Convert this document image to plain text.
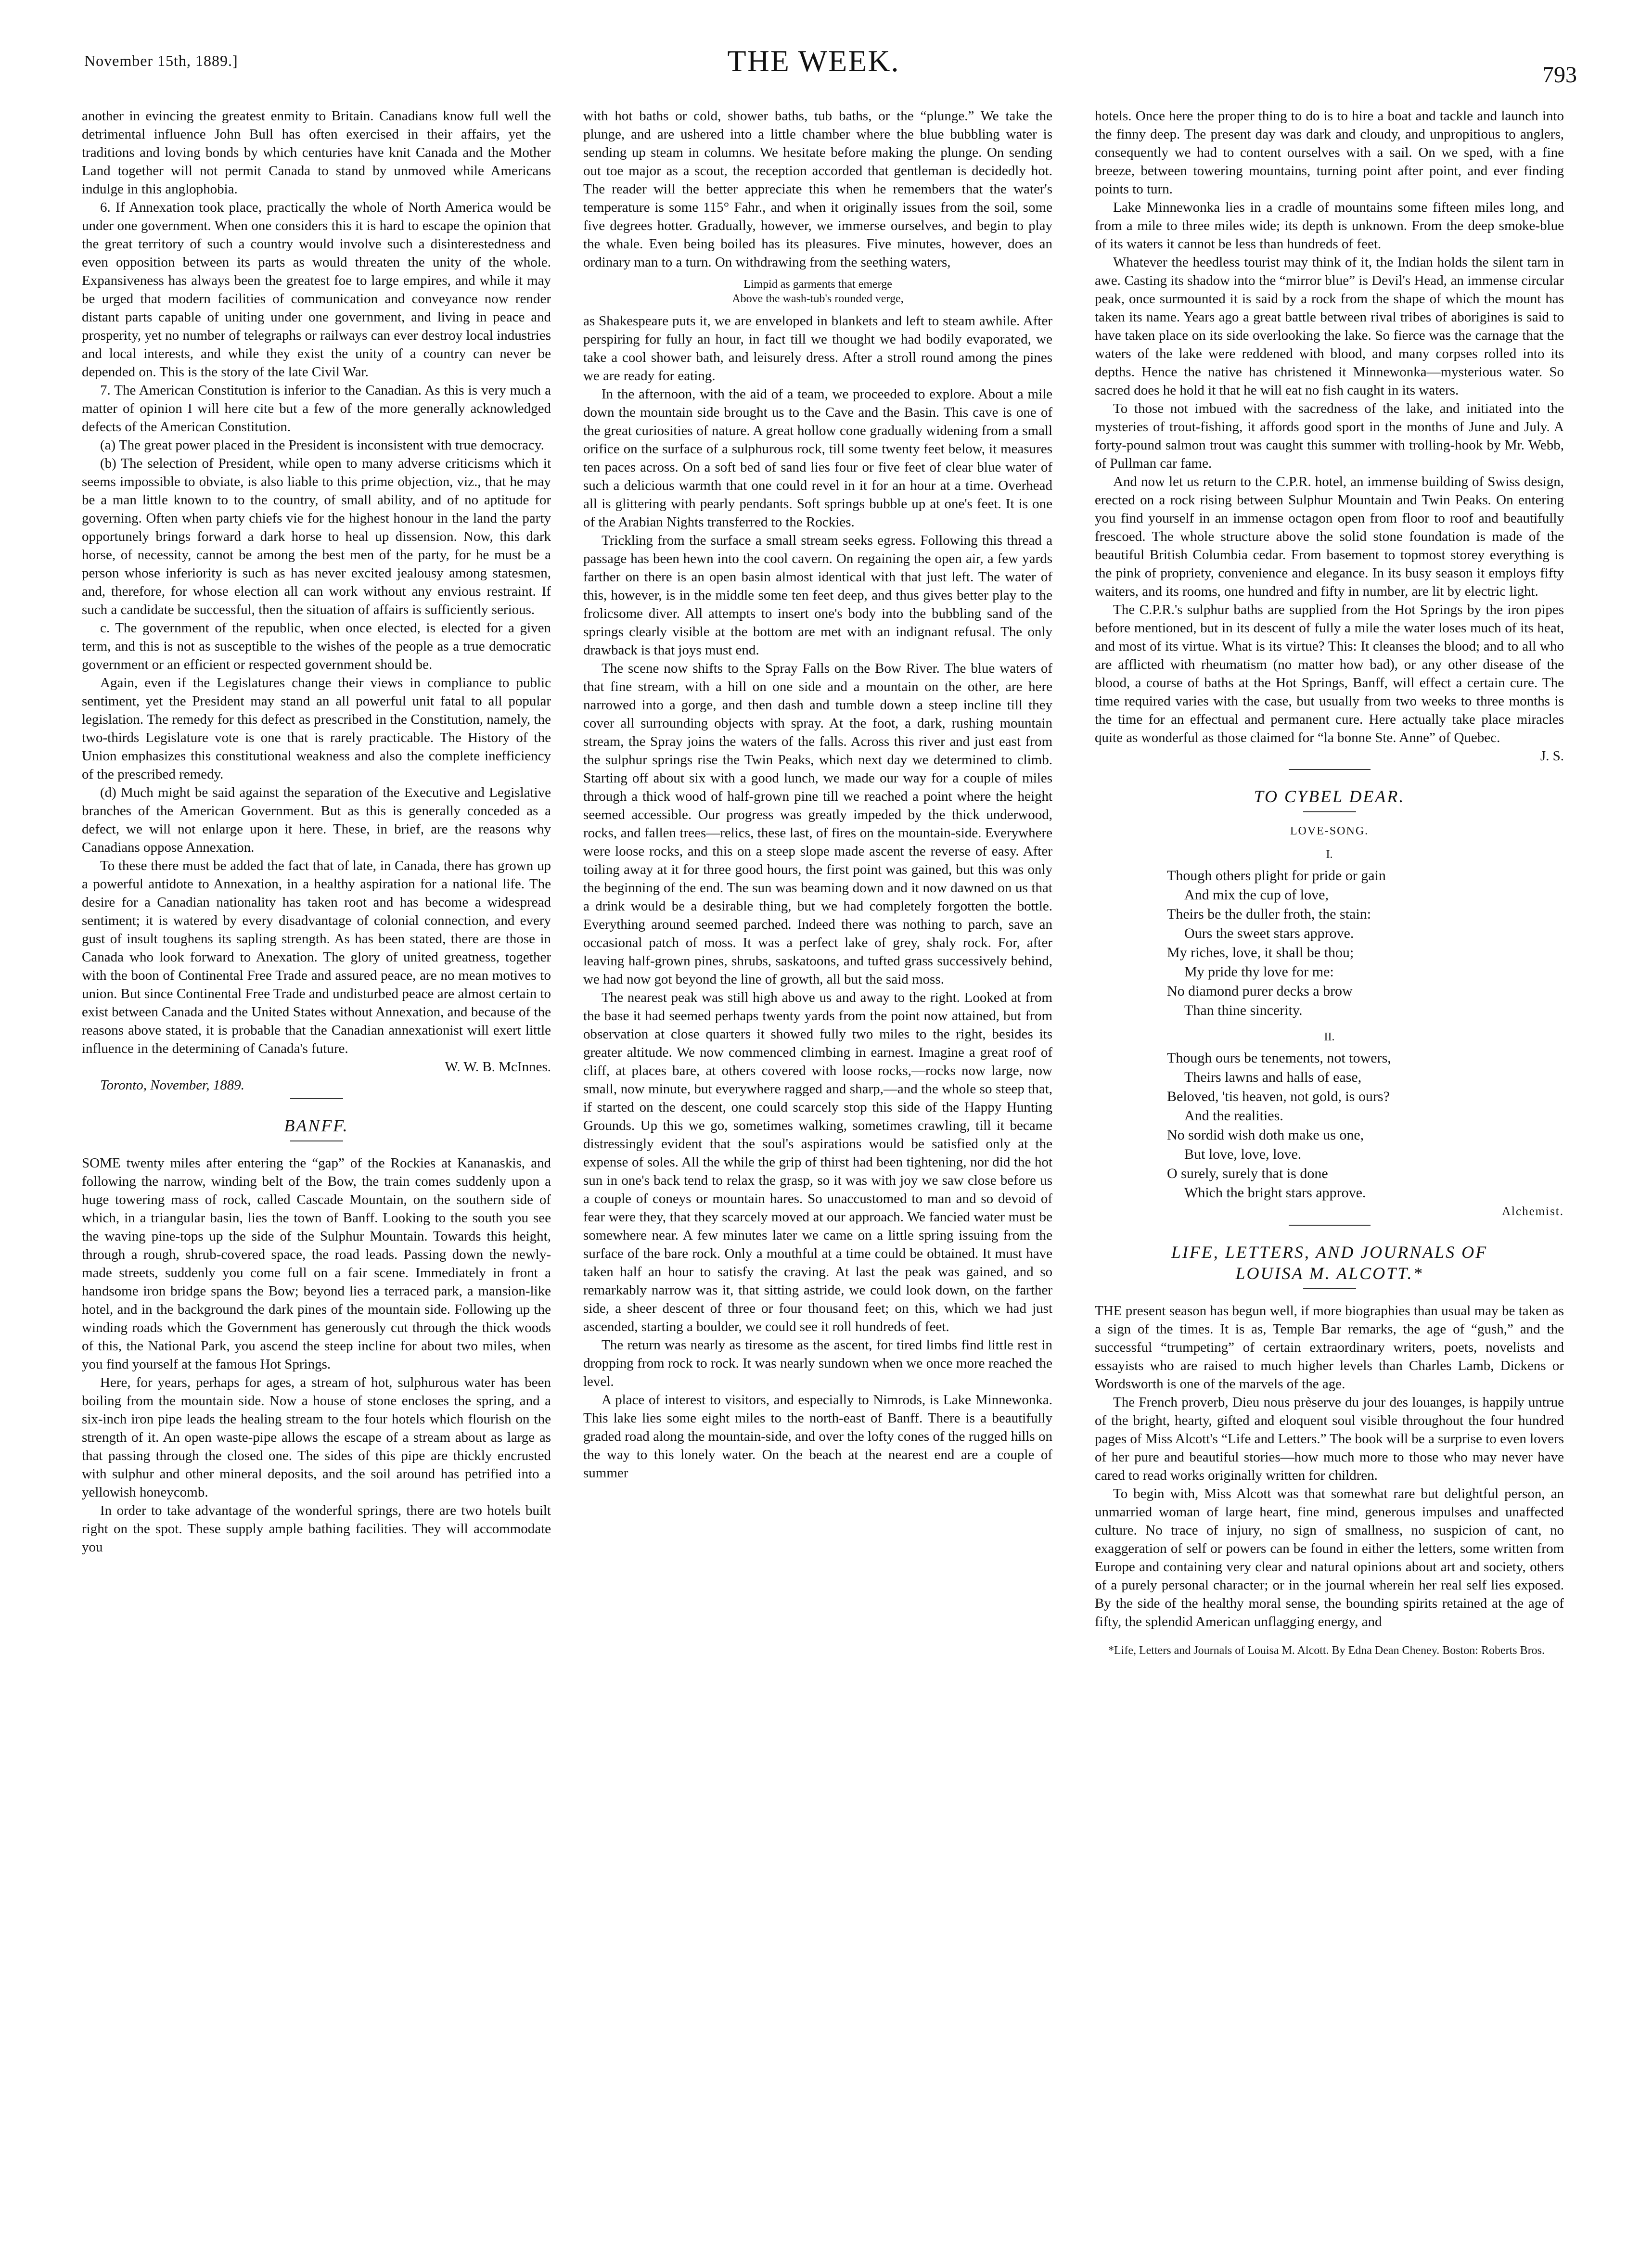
November 15th, 1889.]	THE WEEK.	793

another in evincing the greatest enmity to Britain. Canadians know full well the detrimental influence John Bull has often exercised in their affairs, yet the traditions and loving bonds by which centuries have knit Canada and the Mother Land together will not permit Canada to stand by unmoved while Americans indulge in this anglophobia.

6. If Annexation took place, practically the whole of North America would be under one government. When one considers this it is hard to escape the opinion that the great territory of such a country would involve such a disinterestedness and even opposition between its parts as would threaten the unity of the whole. Expansiveness has always been the greatest foe to large empires, and while it may be urged that modern facilities of communication and conveyance now render distant parts capable of uniting under one government, and living in peace and prosperity, yet no number of telegraphs or railways can ever destroy local industries and local interests, and while they exist the unity of a country can never be depended on. This is the story of the late Civil War.

7. The American Constitution is inferior to the Canadian. As this is very much a matter of opinion I will here cite but a few of the more generally acknowledged defects of the American Constitution.

(a) The great power placed in the President is inconsistent with true democracy.

(b) The selection of President, while open to many adverse criticisms which it seems impossible to obviate, is also liable to this prime objection, viz., that he may be a man little known to to the country, of small ability, and of no aptitude for governing. Often when party chiefs vie for the highest honour in the land the party opportunely brings forward a dark horse to heal up dissension. Now, this dark horse, of necessity, cannot be among the best men of the party, for he must be a person whose inferiority is such as has never excited jealousy among statesmen, and, therefore, for whose election all can work without any envious restraint. If such a candidate be successful, then the situation of affairs is sufficiently serious.

c. The government of the republic, when once elected, is elected for a given term, and this is not as susceptible to the wishes of the people as a true democratic government or an efficient or respected government should be.

Again, even if the Legislatures change their views in compliance to public sentiment, yet the President may stand an all powerful unit fatal to all popular legislation. The remedy for this defect as prescribed in the Constitution, namely, the two-thirds Legislature vote is one that is rarely practicable. The History of the Union emphasizes this constitutional weakness and also the complete inefficiency of the prescribed remedy.

(d) Much might be said against the separation of the Executive and Legislative branches of the American Government. But as this is generally conceded as a defect, we will not enlarge upon it here. These, in brief, are the reasons why Canadians oppose Annexation.

To these there must be added the fact that of late, in Canada, there has grown up a powerful antidote to Annexation, in a healthy aspiration for a national life. The desire for a Canadian nationality has taken root and has become a widespread sentiment; it is watered by every disadvantage of colonial connection, and every gust of insult toughens its sapling strength. As has been stated, there are those in Canada who look forward to Anexation. The glory of united greatness, together with the boon of Continental Free Trade and assured peace, are no mean motives to union. But since Continental Free Trade and undisturbed peace are almost certain to exist between Canada and the United States without Annexation, and because of the reasons above stated, it is probable that the Canadian annexationist will exert little influence in the determining of Canada's future.

W. W. B. McInnes.

Toronto, November, 1889.

BANFF.

SOME twenty miles after entering the “gap” of the Rockies at Kananaskis, and following the narrow, winding belt of the Bow, the train comes suddenly upon a huge towering mass of rock, called Cascade Mountain, on the southern side of which, in a triangular basin, lies the town of Banff. Looking to the south you see the waving pine-tops up the side of the Sulphur Mountain. Towards this height, through a rough, shrub-covered space, the road leads. Passing down the newly-made streets, suddenly you come full on a fair scene. Immediately in front a handsome iron bridge spans the Bow; beyond lies a terraced park, a mansion-like hotel, and in the background the dark pines of the mountain side. Following up the winding roads which the Government has generously cut through the thick woods of this, the National Park, you ascend the steep incline for about two miles, when you find yourself at the famous Hot Springs.

Here, for years, perhaps for ages, a stream of hot, sulphurous water has been boiling from the mountain side. Now a house of stone encloses the spring, and a six-inch iron pipe leads the healing stream to the four hotels which flourish on the strength of it. An open waste-pipe allows the escape of a stream about as large as that passing through the closed one. The sides of this pipe are thickly encrusted with sulphur and other mineral deposits, and the soil around has petrified into a yellowish honeycomb.

In order to take advantage of the wonderful springs, there are two hotels built right on the spot. These supply ample bathing facilities. They will accommodate you

with hot baths or cold, shower baths, tub baths, or the “plunge.” We take the plunge, and are ushered into a little chamber where the blue bubbling water is sending up steam in columns. We hesitate before making the plunge. On sending out toe major as a scout, the reception accorded that gentleman is decidedly hot. The reader will the better appreciate this when he remembers that the water's temperature is some 115° Fahr., and when it originally issues from the soil, some five degrees hotter. Gradually, however, we immerse ourselves, and begin to play the whale. Even being boiled has its pleasures. Five minutes, however, does an ordinary man to a turn. On withdrawing from the seething waters,

Limpid as garments that emerge
Above the wash-tub's rounded verge,

as Shakespeare puts it, we are enveloped in blankets and left to steam awhile. After perspiring for fully an hour, in fact till we thought we had bodily evaporated, we take a cool shower bath, and leisurely dress. After a stroll round among the pines we are ready for eating.

In the afternoon, with the aid of a team, we proceeded to explore. About a mile down the mountain side brought us to the Cave and the Basin. This cave is one of the great curiosities of nature. A great hollow cone gradually widening from a small orifice on the surface of a sulphurous rock, till some twenty feet below, it measures ten paces across. On a soft bed of sand lies four or five feet of clear blue water of such a delicious warmth that one could revel in it for an hour at a time. Overhead all is glittering with pearly pendants. Soft springs bubble up at one's feet. It is one of the Arabian Nights transferred to the Rockies.

Trickling from the surface a small stream seeks egress. Following this thread a passage has been hewn into the cool cavern. On regaining the open air, a few yards farther on there is an open basin almost identical with that just left. The water of this, however, is in the middle some ten feet deep, and thus gives better play to the frolicsome diver. All attempts to insert one's body into the bubbling sand of the springs clearly visible at the bottom are met with an indignant refusal. The only drawback is that joys must end.

The scene now shifts to the Spray Falls on the Bow River. The blue waters of that fine stream, with a hill on one side and a mountain on the other, are here narrowed into a gorge, and then dash and tumble down a steep incline till they cover all surrounding objects with spray. At the foot, a dark, rushing mountain stream, the Spray joins the waters of the falls. Across this river and just east from the sulphur springs rise the Twin Peaks, which next day we determined to climb. Starting off about six with a good lunch, we made our way for a couple of miles through a thick wood of half-grown pine till we reached a point where the height seemed accessible. Our progress was greatly impeded by the thick underwood, rocks, and fallen trees—relics, these last, of fires on the mountain-side. Everywhere were loose rocks, and this on a steep slope made ascent the reverse of easy. After toiling away at it for three good hours, the first point was gained, but this was only the beginning of the end. The sun was beaming down and it now dawned on us that a drink would be a desirable thing, but we had completely forgotten the bottle. Everything around seemed parched. Indeed there was nothing to parch, save an occasional patch of moss. It was a perfect lake of grey, shaly rock. For, after leaving half-grown pines, shrubs, saskatoons, and tufted grass successively behind, we had now got beyond the line of growth, all but the said moss.

The nearest peak was still high above us and away to the right. Looked at from the base it had seemed perhaps twenty yards from the point now attained, but from observation at close quarters it showed fully two miles to the right, besides its greater altitude. We now commenced climbing in earnest. Imagine a great roof of cliff, at places bare, at others covered with loose rocks,—rocks now large, now small, now minute, but everywhere ragged and sharp,—and the whole so steep that, if started on the descent, one could scarcely stop this side of the Happy Hunting Grounds. Up this we go, sometimes walking, sometimes crawling, till it became distressingly evident that the soul's aspirations would be satisfied only at the expense of soles. All the while the grip of thirst had been tightening, nor did the hot sun in one's back tend to relax the grasp, so it was with joy we saw close before us a couple of coneys or mountain hares. So unaccustomed to man and so devoid of fear were they, that they scarcely moved at our approach. We fancied water must be somewhere near. A few minutes later we came on a little spring issuing from the surface of the bare rock. Only a mouthful at a time could be obtained. It must have taken half an hour to satisfy the craving. At last the peak was gained, and so remarkably narrow was it, that sitting astride, we could look down, on the farther side, a sheer descent of three or four thousand feet; on this, which we had just ascended, starting a boulder, we could see it roll hundreds of feet.

The return was nearly as tiresome as the ascent, for tired limbs find little rest in dropping from rock to rock. It was nearly sundown when we once more reached the level.

A place of interest to visitors, and especially to Nimrods, is Lake Minnewonka. This lake lies some eight miles to the north-east of Banff. There is a beautifully graded road along the mountain-side, and over the lofty cones of the rugged hills on the way to this lonely water. On the beach at the nearest end are a couple of summer

hotels. Once here the proper thing to do is to hire a boat and tackle and launch into the finny deep. The present day was dark and cloudy, and unpropitious to anglers, consequently we had to content ourselves with a sail. On we sped, with a fine breeze, between towering mountains, turning point after point, and ever finding points to turn.

Lake Minnewonka lies in a cradle of mountains some fifteen miles long, and from a mile to three miles wide; its depth is unknown. From the deep smoke-blue of its waters it cannot be less than hundreds of feet.

Whatever the heedless tourist may think of it, the Indian holds the silent tarn in awe. Casting its shadow into the “mirror blue” is Devil's Head, an immense circular peak, once surmounted it is said by a rock from the shape of which the mount has taken its name. Years ago a great battle between rival tribes of aborigines is said to have taken place on its side overlooking the lake. So fierce was the carnage that the waters of the lake were reddened with blood, and many corpses rolled into its depths. Hence the native has christened it Minnewonka—mysterious water. So sacred does he hold it that he will eat no fish caught in its waters.

To those not imbued with the sacredness of the lake, and initiated into the mysteries of trout-fishing, it affords good sport in the months of June and July. A forty-pound salmon trout was caught this summer with trolling-hook by Mr. Webb, of Pullman car fame.

And now let us return to the C.P.R. hotel, an immense building of Swiss design, erected on a rock rising between Sulphur Mountain and Twin Peaks. On entering you find yourself in an immense octagon open from floor to roof and beautifully frescoed. The whole structure above the solid stone foundation is made of the beautiful British Columbia cedar. From basement to topmost storey everything is the pink of propriety, convenience and elegance. In its busy season it employs fifty waiters, and its rooms, one hundred and fifty in number, are lit by electric light.

The C.P.R.'s sulphur baths are supplied from the Hot Springs by the iron pipes before mentioned, but in its descent of fully a mile the water loses much of its heat, and most of its virtue. What is its virtue? This: It cleanses the blood; and to all who are afflicted with rheumatism (no matter how bad), or any other disease of the blood, a course of baths at the Hot Springs, Banff, will effect a certain cure. The time required varies with the case, but usually from two weeks to three months is the time for an effectual and permanent cure. Here actually take place miracles quite as wonderful as those claimed for “la bonne Ste. Anne” of Quebec.

J. S.

TO CYBEL DEAR.
LOVE-SONG.
I.

Though others plight for pride or gain

And mix the cup of love,

Theirs be the duller froth, the stain:

Ours the sweet stars approve.

My riches, love, it shall be thou;

My pride thy love for me:

No diamond purer decks a brow

Than thine sincerity.

II.

Though ours be tenements, not towers,

Theirs lawns and halls of ease,

Beloved, 'tis heaven, not gold, is ours?

And the realities.

No sordid wish doth make us one,

But love, love, love.

O surely, surely that is done

Which the bright stars approve.

Alchemist.

LIFE, LETTERS, AND JOURNALS OF
LOUISA M. ALCOTT.*

THE present season has begun well, if more biographies than usual may be taken as a sign of the times. It is as, Temple Bar remarks, the age of “gush,” and the successful “trumpeting” of certain extraordinary writers, poets, novelists and essayists who are raised to much higher levels than Charles Lamb, Dickens or Wordsworth is one of the marvels of the age.

The French proverb, Dieu nous prèserve du jour des louanges, is happily untrue of the bright, hearty, gifted and eloquent soul visible throughout the four hundred pages of Miss Alcott's “Life and Letters.” The book will be a surprise to even lovers of her pure and beautiful stories—how much more to those who may never have cared to read works originally written for children.

To begin with, Miss Alcott was that somewhat rare but delightful person, an unmarried woman of large heart, fine mind, generous impulses and unaffected culture. No trace of injury, no sign of smallness, no suspicion of cant, no exaggeration of self or powers can be found in either the letters, some written from Europe and containing very clear and natural opinions about art and society, others of a purely personal character; or in the journal wherein her real self lies exposed. By the side of the healthy moral sense, the bounding spirits retained at the age of fifty, the splendid American unflagging energy, and

*Life, Letters and Journals of Louisa M. Alcott. By Edna Dean Cheney. Boston: Roberts Bros.
